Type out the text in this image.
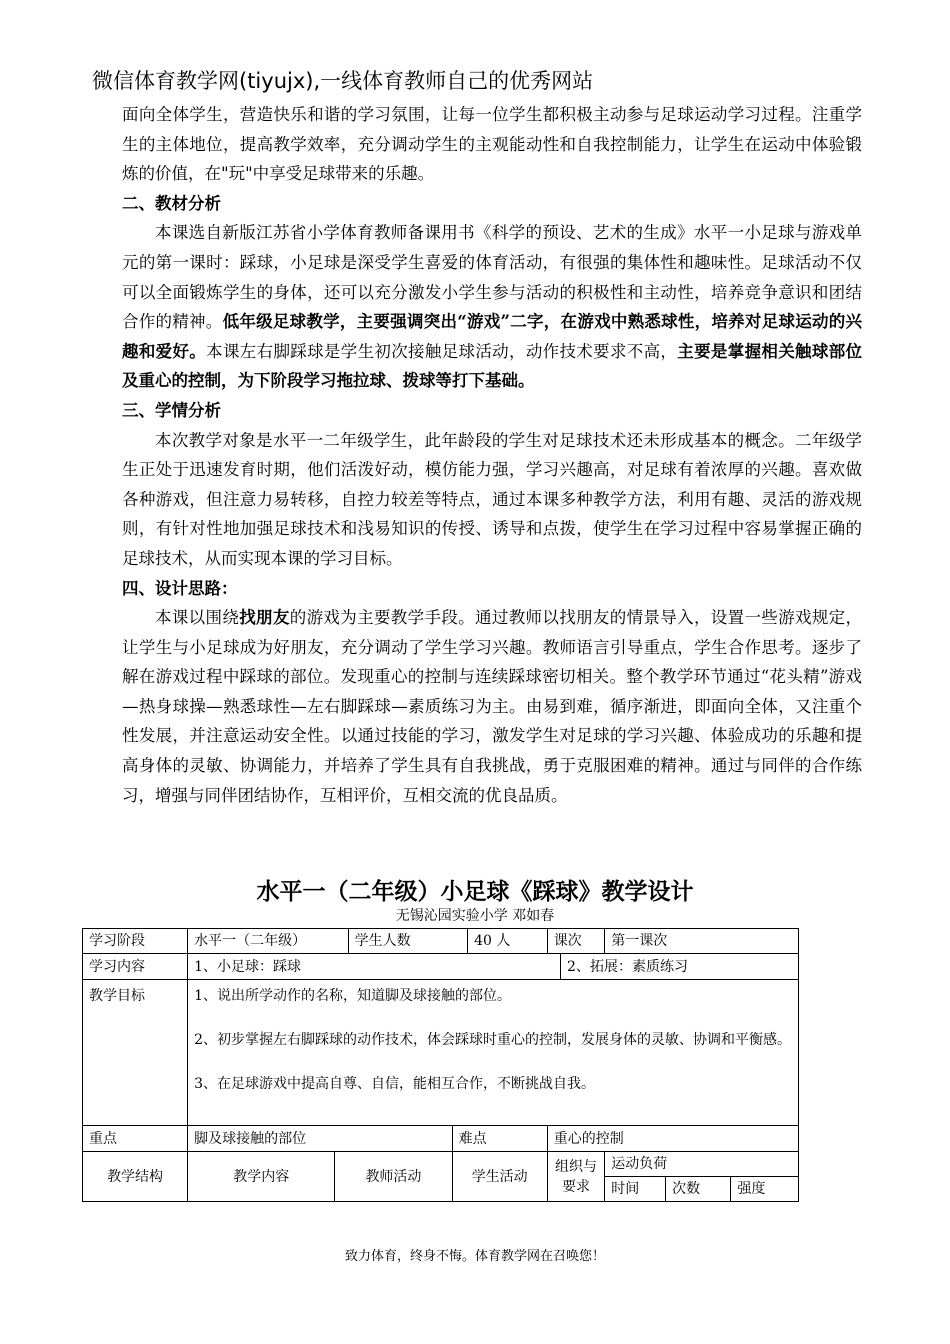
微信体育教学网(tiyujx),一线体育教师自己的优秀网站

面向全体学生，营造快乐和谐的学习氛围，让每一位学生都积极主动参与足球运动学习过程。注重学生的主体地位，提高教学效率，充分调动学生的主观能动性和自我控制能力，让学生在运动中体验锻炼的价值，在"玩"中享受足球带来的乐趣。

二、教材分析

本课选自新版江苏省小学体育教师备课用书《科学的预设、艺术的生成》水平一小足球与游戏单元的第一课时：踩球，小足球是深受学生喜爱的体育活动，有很强的集体性和趣味性。足球活动不仅可以全面锻炼学生的身体，还可以充分激发小学生参与活动的积极性和主动性，培养竞争意识和团结合作的精神。低年级足球教学，主要强调突出“游戏”二字，在游戏中熟悉球性，培养对足球运动的兴趣和爱好。本课左右脚踩球是学生初次接触足球活动，动作技术要求不高，主要是掌握相关触球部位及重心的控制，为下阶段学习拖拉球、拨球等打下基础。

三、学情分析

本次教学对象是水平一二年级学生，此年龄段的学生对足球技术还未形成基本的概念。二年级学生正处于迅速发育时期，他们活泼好动，模仿能力强，学习兴趣高，对足球有着浓厚的兴趣。喜欢做各种游戏，但注意力易转移，自控力较差等特点，通过本课多种教学方法，利用有趣、灵活的游戏规则，有针对性地加强足球技术和浅易知识的传授、诱导和点拨，使学生在学习过程中容易掌握正确的足球技术，从而实现本课的学习目标。

四、设计思路：

本课以围绕找朋友的游戏为主要教学手段。通过教师以找朋友的情景导入，设置一些游戏规定，让学生与小足球成为好朋友，充分调动了学生学习兴趣。教师语言引导重点，学生合作思考。逐步了解在游戏过程中踩球的部位。发现重心的控制与连续踩球密切相关。整个教学环节通过“花头精”游戏—热身球操—熟悉球性—左右脚踩球—素质练习为主。由易到难，循序渐进，即面向全体，又注重个性发展，并注意运动安全性。以通过技能的学习，激发学生对足球的学习兴趣、体验成功的乐趣和提高身体的灵敏、协调能力，并培养了学生具有自我挑战，勇于克服困难的精神。通过与同伴的合作练习，增强与同伴团结协作，互相评价，互相交流的优良品质。

水平一（二年级）小足球《踩球》教学设计
无锡沁园实验小学 邓如春
学习阶段	水平一（二年级）		学生人数		40 人	课次		第一课次		
学习内容	1、小足球：踩球						2、拓展：素质练习			
教学目标	1、说出所学动作的名称，知道脚及球接触的部位。
2、初步掌握左右脚踩球的动作技术，体会踩球时重心的控制，发展身体的灵敏、协调和平衡感。
3、在足球游戏中提高自尊、自信，能相互合作，不断挑战自我。									

重点	脚及球接触的部位			难点		重心的控制				
教学结构	教学内容	教师活动		学生活动		组织与要求		运动负荷		
								时间	次数	强度
致力体育，终身不悔。体育教学网在召唤您！
